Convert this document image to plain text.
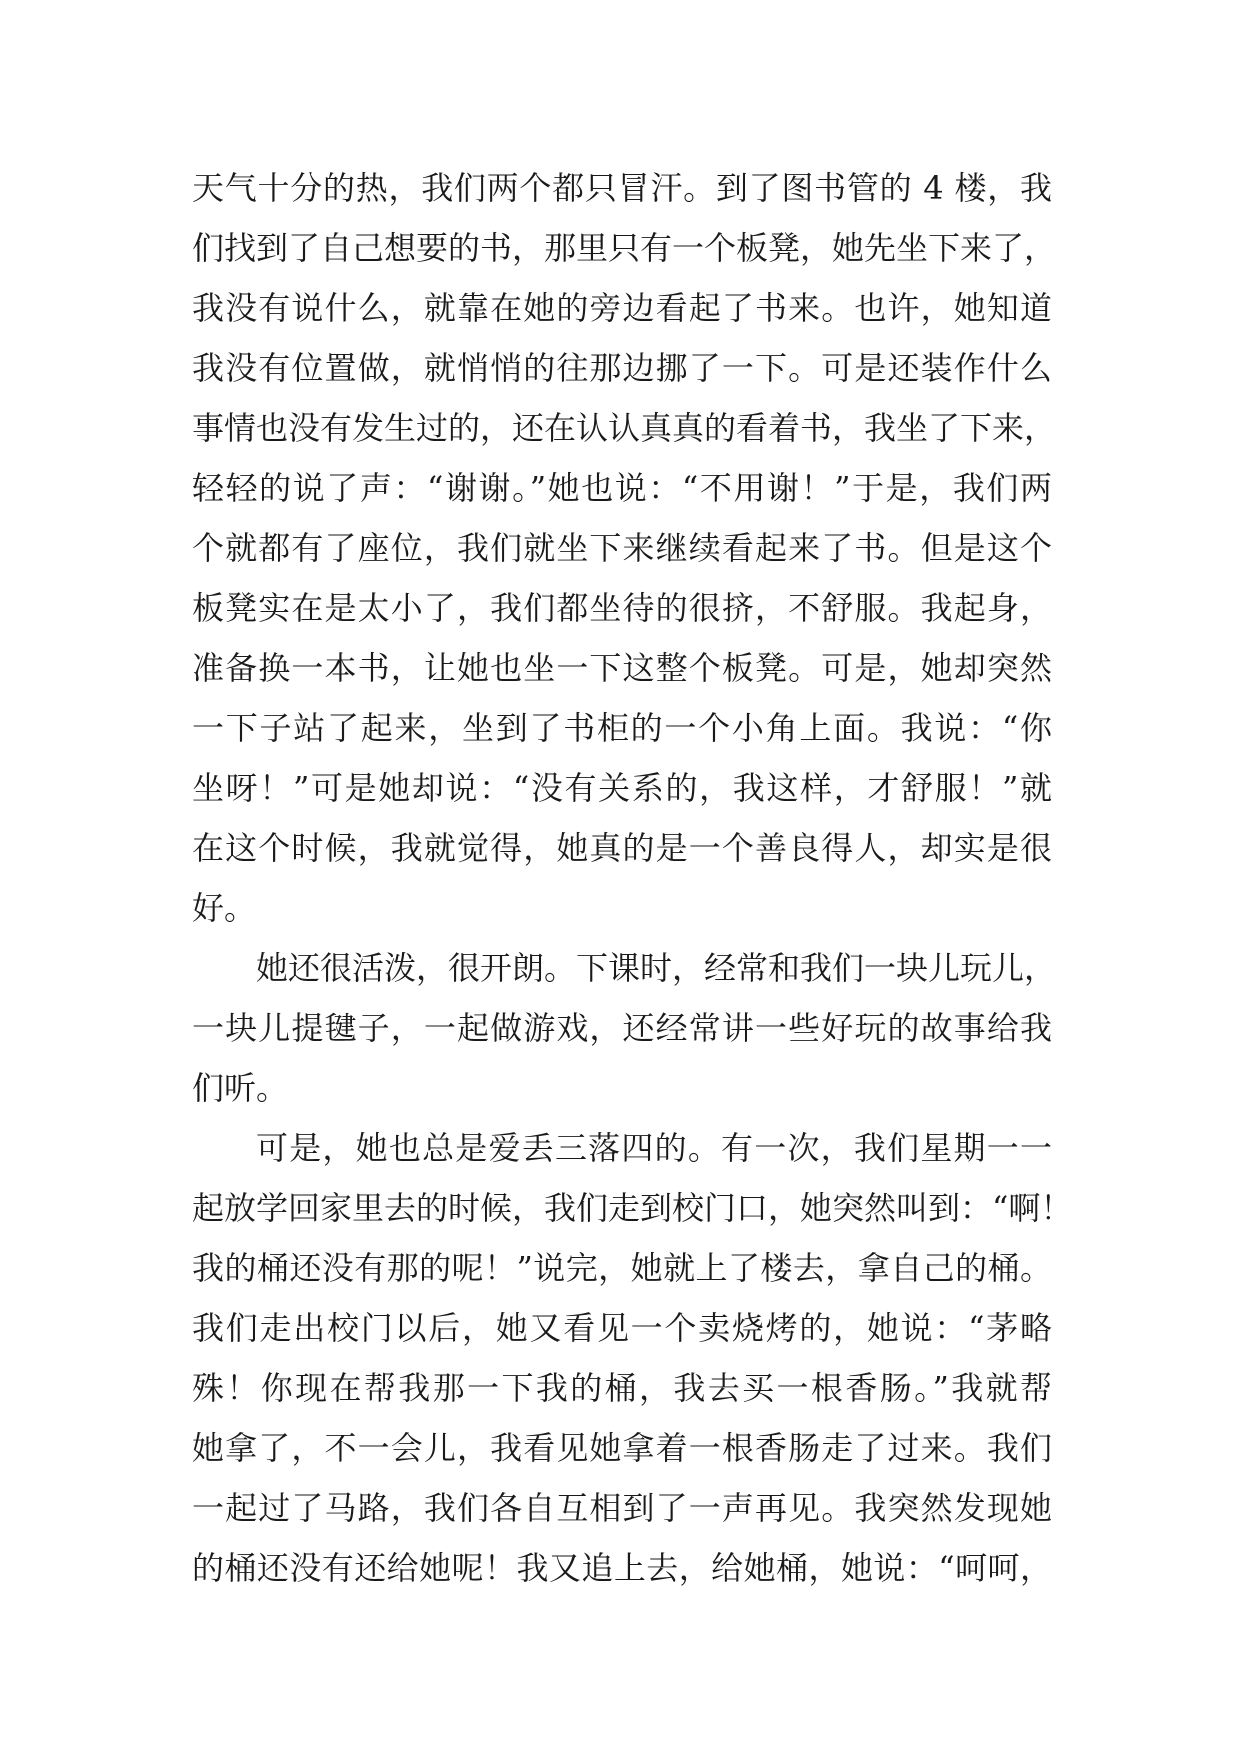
天气十分的热，我们两个都只冒汗。到了图书管的 4 楼，我
们找到了自己想要的书，那里只有一个板凳，她先坐下来了，
我没有说什么，就靠在她的旁边看起了书来。也许，她知道
我没有位置做，就悄悄的往那边挪了一下。可是还装作什么
事情也没有发生过的，还在认认真真的看着书，我坐了下来，
轻轻的说了声：“谢谢。”她也说：“不用谢！”于是，我们两
个就都有了座位，我们就坐下来继续看起来了书。但是这个
板凳实在是太小了，我们都坐待的很挤，不舒服。我起身，
准备换一本书，让她也坐一下这整个板凳。可是，她却突然
一下子站了起来，坐到了书柜的一个小角上面。我说：“你
坐呀！”可是她却说：“没有关系的，我这样，才舒服！”就
在这个时候，我就觉得，她真的是一个善良得人，却实是很
好。
她还很活泼，很开朗。下课时，经常和我们一块儿玩儿，
一块儿提毽子，一起做游戏，还经常讲一些好玩的故事给我
们听。
可是，她也总是爱丢三落四的。有一次，我们星期一一
起放学回家里去的时候，我们走到校门口，她突然叫到：“啊！
我的桶还没有那的呢！”说完，她就上了楼去，拿自己的桶。
我们走出校门以后，她又看见一个卖烧烤的，她说：“茅略
殊！你现在帮我那一下我的桶，我去买一根香肠。”我就帮
她拿了，不一会儿，我看见她拿着一根香肠走了过来。我们
一起过了马路，我们各自互相到了一声再见。我突然发现她
的桶还没有还给她呢！我又追上去，给她桶，她说：“呵呵，
